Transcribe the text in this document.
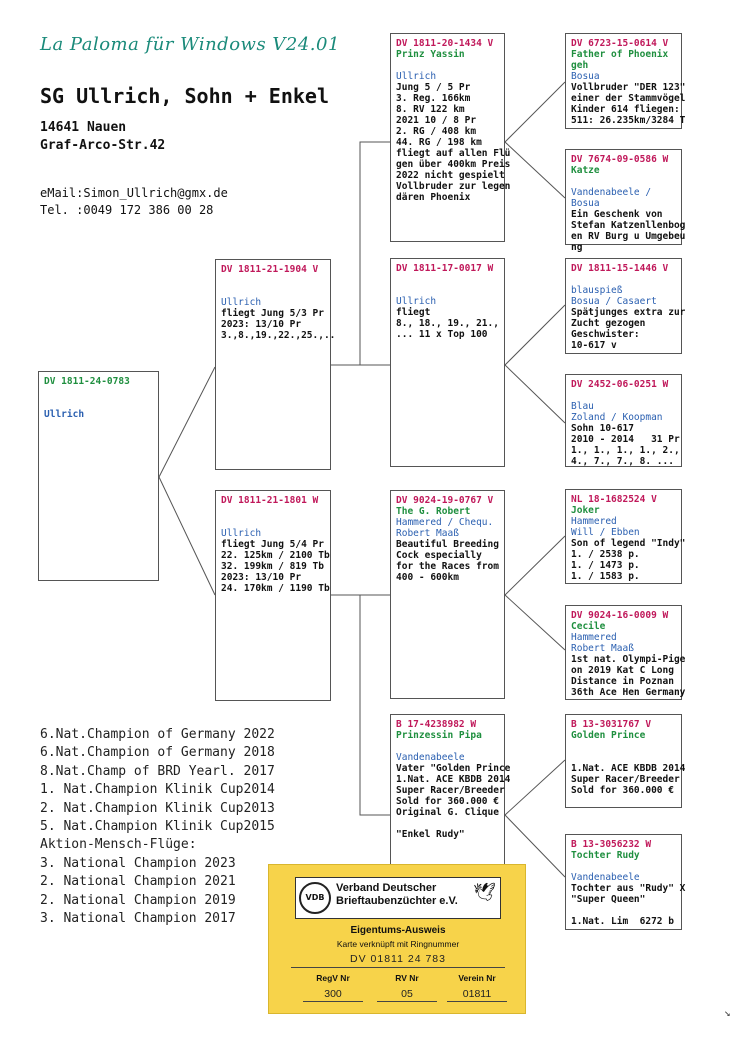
La Paloma für Windows V24.01
SG Ullrich, Sohn + Enkel
14641 Nauen
Graf-Arco-Str.42
eMail:Simon_Ullrich@gmx.de
Tel. :0049 172 386 00 28
DV 1811-24-0783
Ullrich
DV 1811-21-1904 V
Ullrich
fliegt Jung 5/3 Pr
2023: 13/10 Pr
3.,8.,19.,22.,25.,..
DV 1811-21-1801 W
Ullrich
fliegt Jung 5/4 Pr
22. 125km / 2100 Tb
32. 199km / 819 Tb
2023: 13/10 Pr
24. 170km / 1190 Tb
DV 1811-20-1434 V
Prinz Yassin
Ullrich
Jung 5 / 5 Pr
3. Reg. 166km
8. RV 122 km
2021 10 / 8 Pr
2. RG / 408 km
44. RG / 198 km
fliegt auf allen Flü
gen über 400km Preis
2022 nicht gespielt
Vollbruder zur legen
dären Phoenix
DV 1811-17-0017 W
Ullrich
fliegt
8., 18., 19., 21.,
... 11 x Top 100
DV 9024-19-0767 V
The G. Robert
Hammered / Chequ.
Robert Maaß
Beautiful Breeding
Cock especially
for the Races from
400 - 600km
B 17-4238982 W
Prinzessin Pipa
Vandenabeele
Vater "Golden Prince
1.Nat. ACE KBDB 2014
Super Racer/Breeder
Sold for 360.000 €
Original G. Clique
"Enkel Rudy"
DV 6723-15-0614 V
Father of Phoenix
geh
Bosua
Vollbruder "DER 123"
einer der Stammvögel
Kinder 614 fliegen:
511: 26.235km/3284 T
DV 7674-09-0586 W
Katze
Vandenabeele / Bosua
Ein Geschenk von
Stefan Katzenllenbog
en RV Burg u Umgebeu
ng
DV 1811-15-1446 V
blauspieß
Bosua / Casaert
Spätjunges extra zur
Zucht gezogen
Geschwister:
10-617 v
DV 2452-06-0251 W
Blau
Zoland / Koopman
Sohn 10-617
2010 - 2014   31 Pr
1., 1., 1., 1., 2.,
4., 7., 7., 8. ...
NL 18-1682524 V
Joker
Hammered
Will / Ebben
Son of legend "Indy"
1. / 2538 p.
1. / 1473 p.
1. / 1583 p.
DV 9024-16-0009 W
Cecile
Hammered
Robert Maaß
1st nat. Olympi-Pige
on 2019 Kat C Long
Distance in Poznan
36th Ace Hen Germany
B 13-3031767 V
Golden Prince
1.Nat. ACE KBDB 2014
Super Racer/Breeder
Sold for 360.000 €
B 13-3056232 W
Tochter Rudy
Vandenabeele
Tochter aus "Rudy" X
"Super Queen"
1.Nat. Lim  6272 b
6.Nat.Champion of Germany 2022
6.Nat.Champion of Germany 2018
8.Nat.Champ of BRD Yearl. 2017
1. Nat.Champion Klinik Cup2014
2. Nat.Champion Klinik Cup2013
5. Nat.Champion Klinik Cup2015
Aktion-Mensch-Flüge:
3. National Champion 2023
2. National Champion 2021
2. National Champion 2019
3. National Champion 2017
VDB
Verband Deutscher
Brieftaubenzüchter e.V. 🕊
Eigentums-Ausweis
Karte verknüpft mit Ringnummer
DV 01811 24 783
RegV Nr
300
RV Nr
05
Verein Nr
01811
↘
